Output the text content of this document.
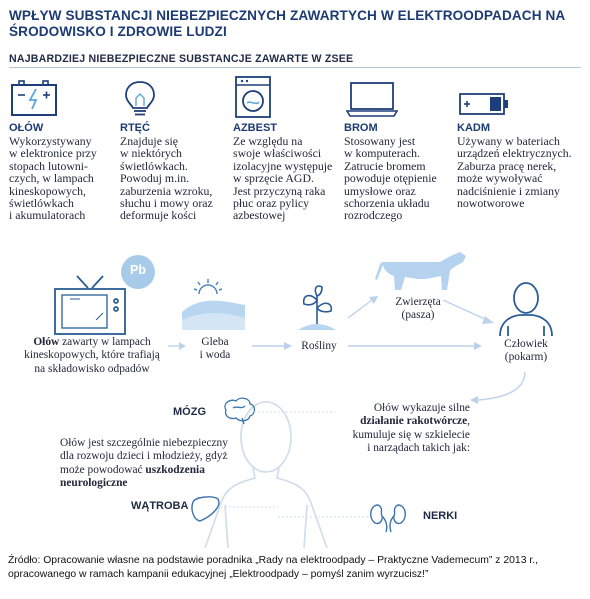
WPŁYW SUBSTANCJI NIEBEZPIECZNYCH ZAWARTYCH W ELEKTROODPADACH NA ŚRODOWISKO I ZDROWIE LUDZI
NAJBARDZIEJ NIEBEZPIECZNE SUBSTANCJE ZAWARTE W ZSEE
OŁÓW
Wykorzystywany
w elektronice przy
stopach lutowni-
czych, w lampach
kineskopowych,
świetlówkach
i akumulatorach
RTĘĆ
Znajduje się
w niektórych
świetlówkach.
Powoduj m.in.
zaburzenia wzroku,
słuchu i mowy oraz
deformuje kości
AZBEST
Ze względu na
swoje właściwości
izolacyjne występuje
w sprzęcie AGD.
Jest przyczyną raka
płuc oraz pylicy
azbestowej
BROM
Stosowany jest
w komputerach.
Zatrucie bromem
powoduje otępienie
umysłowe oraz
schorzenia układu
rozrodczego
KADM
Używany w bateriach
urządzeń elektrycznych.
Zaburza pracę nerek,
może wywoływać
nadciśnienie i zmiany
nowotworowe
Pb
Ołów zawarty w lampach
kineskopowych, które trafiają
na składowisko odpadów
Gleba
i woda
Rośliny
Zwierzęta
(pasza)
Człowiek
(pokarm)
MÓZG
WĄTROBA
NERKI
Ołów wykazuje silne
działanie rakotwórcze,
kumuluje się w szkielecie
i narządach takich jak:
Ołów jest szczególnie niebezpieczny
dla rozwoju dzieci i młodzieży, gdyż
może powodować uszkodzenia
neurologiczne
Źródło: Opracowanie własne na podstawie poradnika „Rady na elektroodpady – Praktyczne Vademecum” z 2013 r.,
opracowanego w ramach kampanii edukacyjnej „Elektroodpady – pomyśl zanim wyrzucisz!”
